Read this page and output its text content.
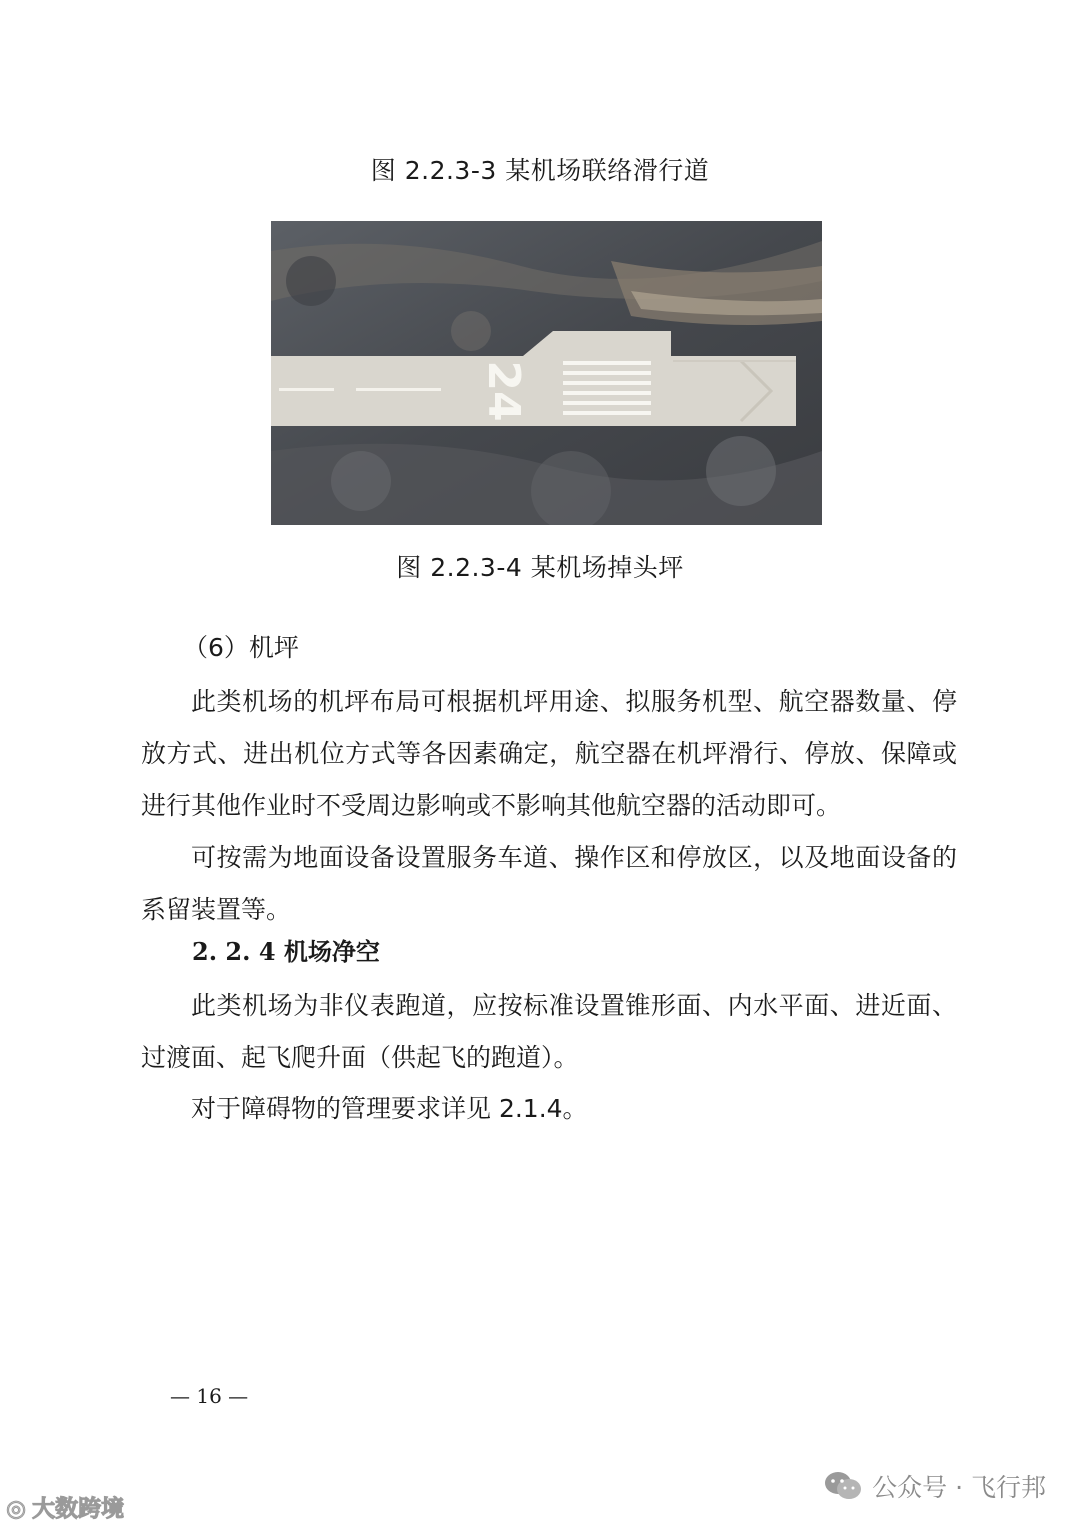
图 2.2.3-3 某机场联络滑行道
24
图 2.2.3-4 某机场掉头坪
（6）机坪
此类机场的机坪布局可根据机坪用途、拟服务机型、航空器数量、停放方式、进出机位方式等各因素确定，航空器在机坪滑行、停放、保障或进行其他作业时不受周边影响或不影响其他航空器的活动即可。
可按需为地面设备设置服务车道、操作区和停放区，以及地面设备的系留装置等。
2. 2. 4 机场净空
此类机场为非仪表跑道，应按标准设置锥形面、内水平面、进近面、过渡面、起飞爬升面（供起飞的跑道）。
对于障碍物的管理要求详见 2.1.4。
— 16 —
◎ 大数跨境
公众号 · 飞行邦
